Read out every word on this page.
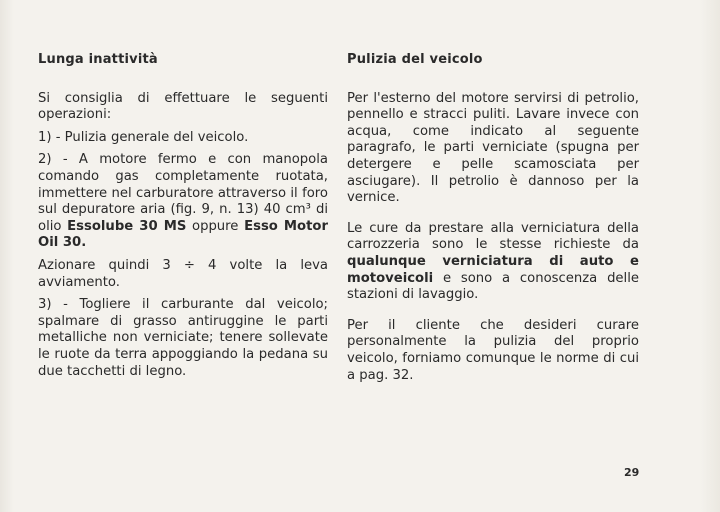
Lunga inattività

Si consiglia di effettuare le seguenti operazioni:

1) - Pulizia generale del veicolo.

2) - A motore fermo e con manopola comando gas completamente ruotata, immettere nel carburatore attraverso il foro sul depuratore aria (fig. 9, n. 13) 40 cm³ di olio Essolube 30 MS oppure Esso Motor Oil 30.

Azionare quindi 3 ÷ 4 volte la leva avviamento.

3) - Togliere il carburante dal veicolo; spalmare di grasso antiruggine le parti metalliche non verniciate; tenere sollevate le ruote da terra appoggiando la pedana su due tacchetti di legno.

Pulizia del veicolo

Per l'esterno del motore servirsi di petrolio, pennello e stracci puliti. Lavare invece con acqua, come indicato al seguente paragrafo, le parti verniciate (spugna per detergere e pelle scamosciata per asciugare). Il petrolio è dannoso per la vernice.

Le cure da prestare alla verniciatura della carrozzeria sono le stesse richieste da qualunque verniciatura di auto e motoveicoli e sono a conoscenza delle stazioni di lavaggio.

Per il cliente che desideri curare personalmente la pulizia del proprio veicolo, forniamo comunque le norme di cui a pag. 32.

29
